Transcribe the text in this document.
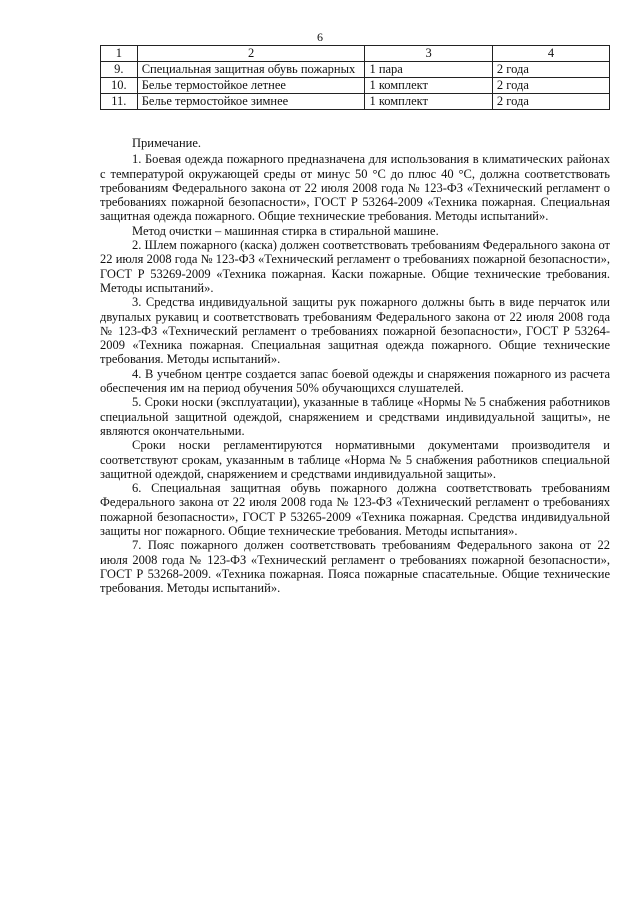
6
1	2	3	4
9.	Специальная защитная обувь пожарных	1 пара	2 года
10.	Белье термостойкое летнее	1 комплект	2 года
11.	Белье термостойкое зимнее	1 комплект	2 года

Примечание.

1. Боевая одежда пожарного предназначена для использования в климатических районах с температурой окружающей среды от минус 50 °C до плюс 40 °C, должна соответствовать требованиям Федерального закона от 22 июля 2008 года № 123-ФЗ «Технический регламент о требованиях пожарной безопасности», ГОСТ Р 53264-2009 «Техника пожарная. Специальная защитная одежда пожарного. Общие технические требования. Методы испытаний».

Метод очистки – машинная стирка в стиральной машине.

2. Шлем пожарного (каска) должен соответствовать требованиям Федерального закона от 22 июля 2008 года № 123-ФЗ «Технический регламент о требованиях пожарной безопасности», ГОСТ Р 53269-2009 «Техника пожарная. Каски пожарные. Общие технические требования. Методы испытаний».

3. Средства индивидуальной защиты рук пожарного должны быть в виде перчаток или двупалых рукавиц и соответствовать требованиям Федерального закона от 22 июля 2008 года № 123-ФЗ «Технический регламент о требованиях пожарной безопасности», ГОСТ Р 53264-2009 «Техника пожарная. Специальная защитная одежда пожарного. Общие технические требования. Методы испытаний».

4. В учебном центре создается запас боевой одежды и снаряжения пожарного из расчета обеспечения им на период обучения 50% обучающихся слушателей.

5. Сроки носки (эксплуатации), указанные в таблице «Нормы № 5 снабжения работников специальной защитной одеждой, снаряжением и средствами индивидуальной защиты», не являются окончательными.

Сроки носки регламентируются нормативными документами производителя и соответствуют срокам, указанным в таблице «Норма № 5 снабжения работников специальной защитной одеждой, снаряжением и средствами индивидуальной защиты».

6. Специальная защитная обувь пожарного должна соответствовать требованиям Федерального закона от 22 июля 2008 года № 123-ФЗ «Технический регламент о требованиях пожарной безопасности», ГОСТ Р 53265-2009 «Техника пожарная. Средства индивидуальной защиты ног пожарного. Общие технические требования. Методы испытания».

7. Пояс пожарного должен соответствовать требованиям Федерального закона от 22 июля 2008 года № 123-ФЗ «Технический регламент о требованиях пожарной безопасности», ГОСТ Р 53268-2009. «Техника пожарная. Пояса пожарные спасательные. Общие технические требования. Методы испытаний».
